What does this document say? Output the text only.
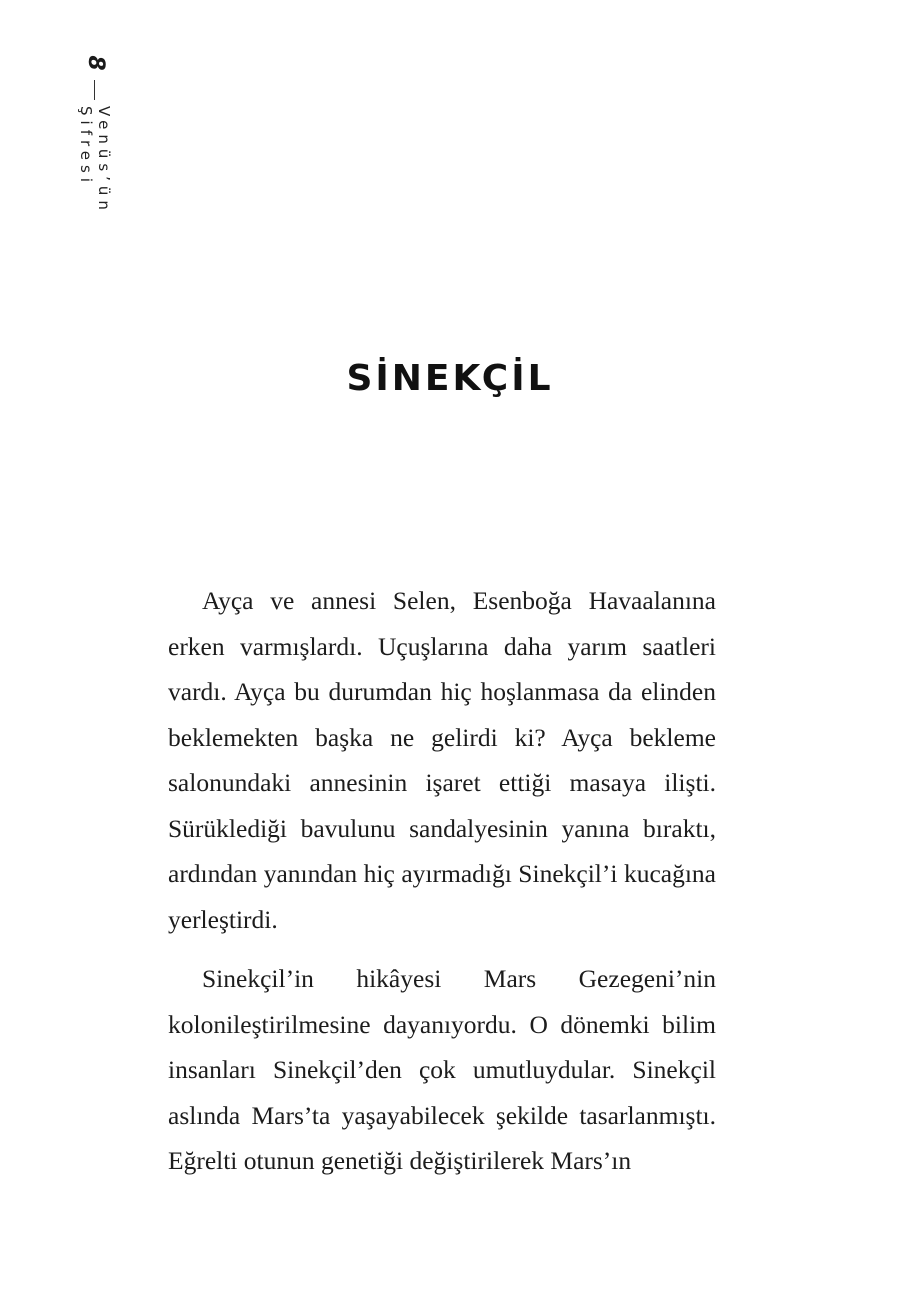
8
Venüs’ün Şifresi
SİNEKÇİL

Ayça ve annesi Selen, Esenboğa Havaalanına erken varmışlardı. Uçuşlarına daha yarım saatleri vardı. Ayça bu durumdan hiç hoşlanmasa da elinden beklemekten başka ne gelirdi ki? Ayça bekleme salonundaki annesinin işaret ettiği masaya ilişti. Sürüklediği bavulunu sandalyesinin yanına bıraktı, ardından yanından hiç ayırmadığı Sinekçil’i kucağına yerleştirdi.

Sinekçil’in hikâyesi Mars Gezegeni’nin kolonileştirilmesine dayanıyordu. O dönemki bilim insanları Sinekçil’den çok umutluydular. Sinekçil aslında Mars’ta yaşayabilecek şekilde tasarlanmıştı. Eğrelti otunun genetiği değiştirilerek Mars’ın
